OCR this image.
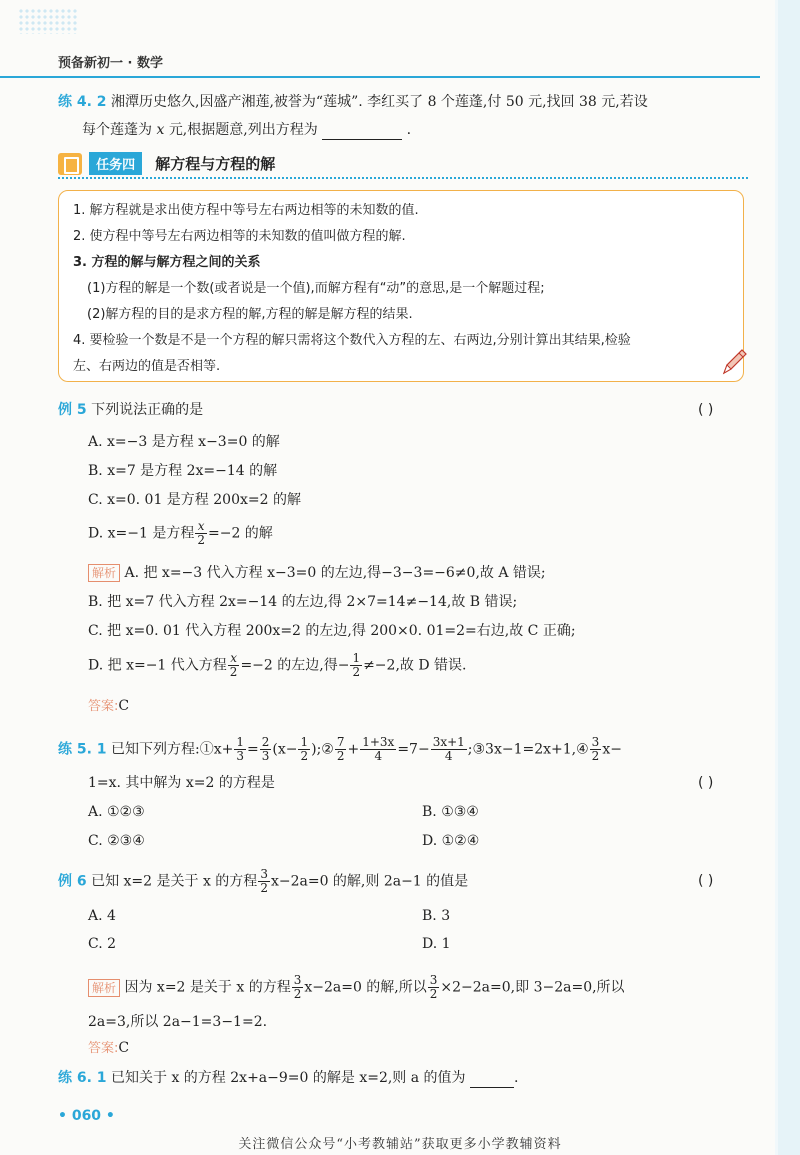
预备新初一 · 数学
练 4. 2 湘潭历史悠久,因盛产湘莲,被誉为“莲城”. 李红买了 8 个莲蓬,付 50 元,找回 38 元,若设
每个莲蓬为 x 元,根据题意,列出方程为	.
任务四 解方程与方程的解
1. 解方程就是求出使方程中等号左右两边相等的未知数的值.
2. 使方程中等号左右两边相等的未知数的值叫做方程的解.
3. 方程的解与解方程之间的关系
(1)方程的解是一个数(或者说是一个值),而解方程有“动”的意思,是一个解题过程;
(2)解方程的目的是求方程的解,方程的解是解方程的结果.
4. 要检验一个数是不是一个方程的解只需将这个数代入方程的左、右两边,分别计算出其结果,检验
左、右两边的值是否相等.
例 5 下列说法正确的是	( )
A. x=−3 是方程 x−3=0 的解
B. x=7 是方程 2x=−14 的解
C. x=0. 01 是方程 200x=2 的解
D. x=−1 是方程 $\frac{x}{2} =-2$ 的解
解析 A. 把 x=−3 代入方程 x−3=0 的左边,得−3−3=−6≠0,故 A 错误;
B. 把 x=7 代入方程 2x=−14 的左边,得 2×7=14≠−14,故 B 错误;
C. 把 x=0. 01 代入方程 200x=2 的左边,得 200×0. 01=2=右边,故 C 正确;
D. 把 x=−1 代入方程 $\frac{x}{2} =-2$ 的左边,得− $\frac{1}{2} \ne-2$,故 D 错误.
答案:C
练 5. 1 已知下列方程:①x+ $\frac{1}{3} = \frac{2}{3} (x- \frac{1}{2}$ );② $\frac{7}{2} + \frac{1+3x}{4} =7- \frac{3x+1}{4}$ ;③3x−1=2x+1,④ $\frac{3}{2} x-$
1=x. 其中解为 x=2 的方程是	( )
A. ①②③	B. ①③④
C. ②③④	D. ①②④
例 6 已知 x=2 是关于 x 的方程 $\frac{3}{2} x-2a=0$ 的解,则 2a−1 的值是	( )
A. 4	B. 3
C. 2	D. 1
解析 因为 x=2 是关于 x 的方程 $\frac{3}{2} x-2a=0$ 的解,所以 $\frac{3}{2} \times 2-2a=0$,即 3−2a=0,所以
2a=3,所以 2a−1=3−1=2.
答案:C
练 6. 1 已知关于 x 的方程 2x+a−9=0 的解是 x=2,则 a 的值为	.
• 060 •
关注微信公众号“小考教辅站”获取更多小学教辅资料
